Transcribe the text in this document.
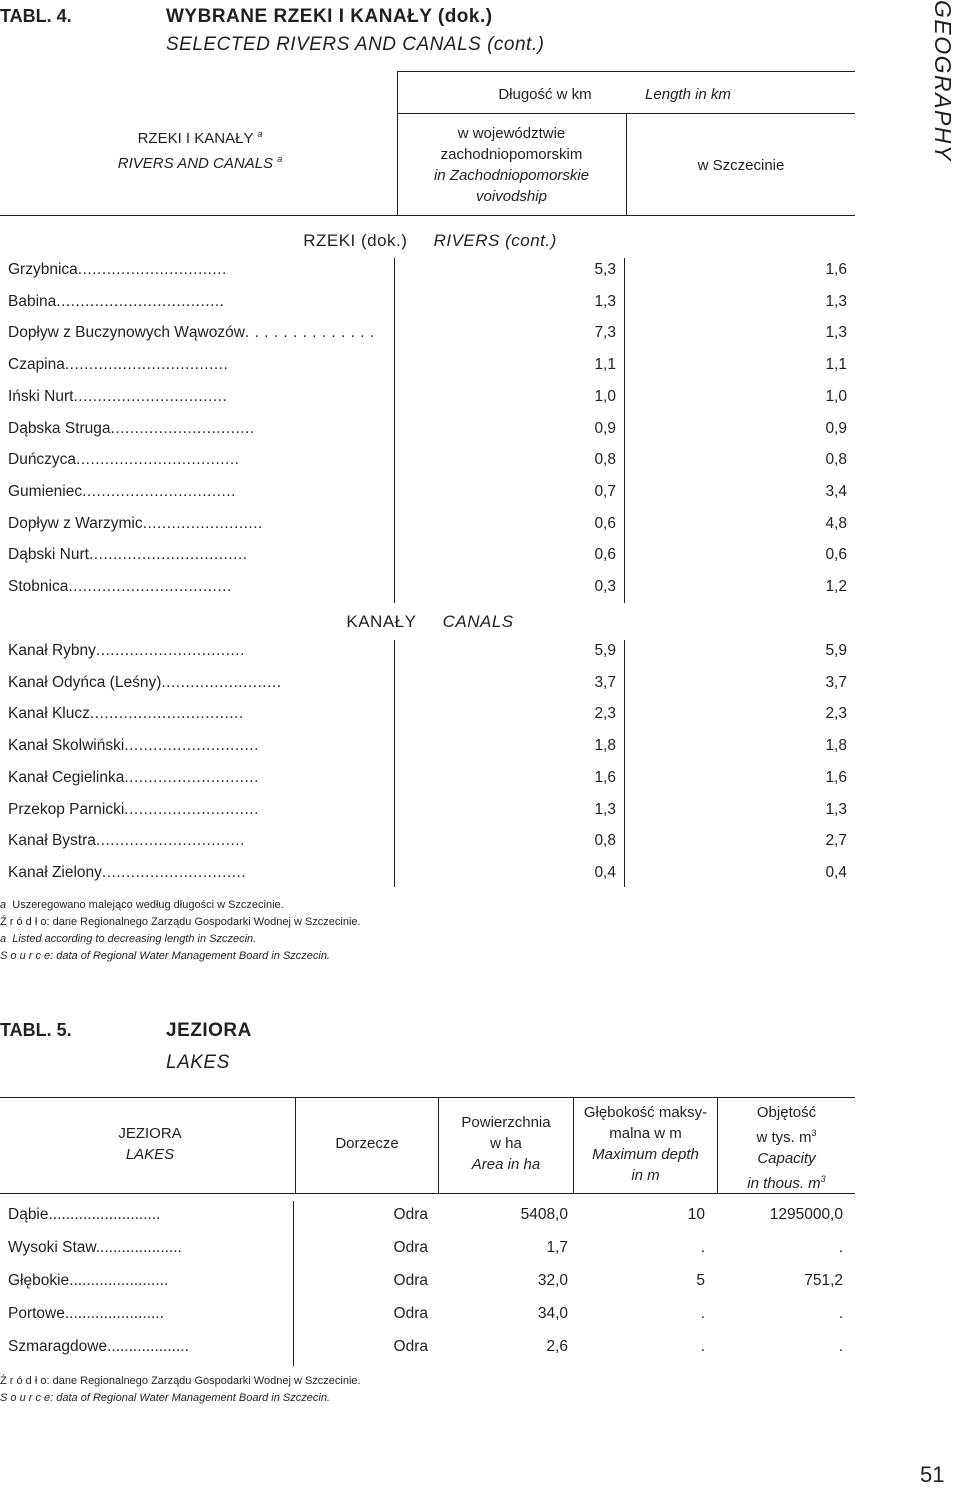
GEOGRAPHY
TABL. 4.	WYBRANE RZEKI I KANAŁY (dok.)
SELECTED RIVERS AND CANALS (cont.)
RZEKI I KANAŁY $^a$
RIVERS AND CANALS $^a$
Długość w km	Length in km
w województwie
zachodniopomorskim
in Zachodniopomorskie
voivodship
w Szczecinie
RZEKI (dok.) RIVERS (cont.)
Grzybnica...............................	5,3	1,6
Babina...................................	1,3	1,3
Dopływ z Buczynowych Wąwozów. . . . . . . . . . . . . .	7,3	1,3
Czapina..................................	1,1	1,1
Iński Nurt................................	1,0	1,0
Dąbska Struga..............................	0,9	0,9
Duńczyca..................................	0,8	0,8
Gumieniec................................	0,7	3,4
Dopływ z Warzymic.........................	0,6	4,8
Dąbski Nurt.................................	0,6	0,6
Stobnica..................................	0,3	1,2
KANAŁY CANALS
Kanał Rybny...............................	5,9	5,9
Kanał Odyńca (Leśny).........................	3,7	3,7
Kanał Klucz................................	2,3	2,3
Kanał Skolwiński............................	1,8	1,8
Kanał Cegielinka............................	1,6	1,6
Przekop Parnicki............................	1,3	1,3
Kanał Bystra...............................	0,8	2,7
Kanał Zielony..............................	0,4	0,4
a Uszeregowano malejąco według długości w Szczecinie.
Ź r ó d ł o: dane Regionalnego Zarządu Gospodarki Wodnej w Szczecinie.
a Listed according to decreasing length in Szczecin.
S o u r c e: data of Regional Water Management Board in Szczecin.
TABL. 5.	JEZIORA
LAKES
JEZIORA
LAKES
Dorzecze
Powierzchnia
w ha
Area in ha
Głębokość maksy-
malna w m
Maximum depth
in m
Objętość
w tys. $m^3$
Capacity
in thous. $m^3$
Dąbie..........................	Odra	5408,0	10	1295000,0
Wysoki Staw....................	Odra	1,7	.	.
Głębokie.......................	Odra	32,0	5	751,2
Portowe.......................	Odra	34,0	.	.
Szmaragdowe...................	Odra	2,6	.	.
Ź r ó d ł o: dane Regionalnego Zarządu Gospodarki Wodnej w Szczecinie.
S o u r c e: data of Regional Water Management Board in Szczecin.
51
